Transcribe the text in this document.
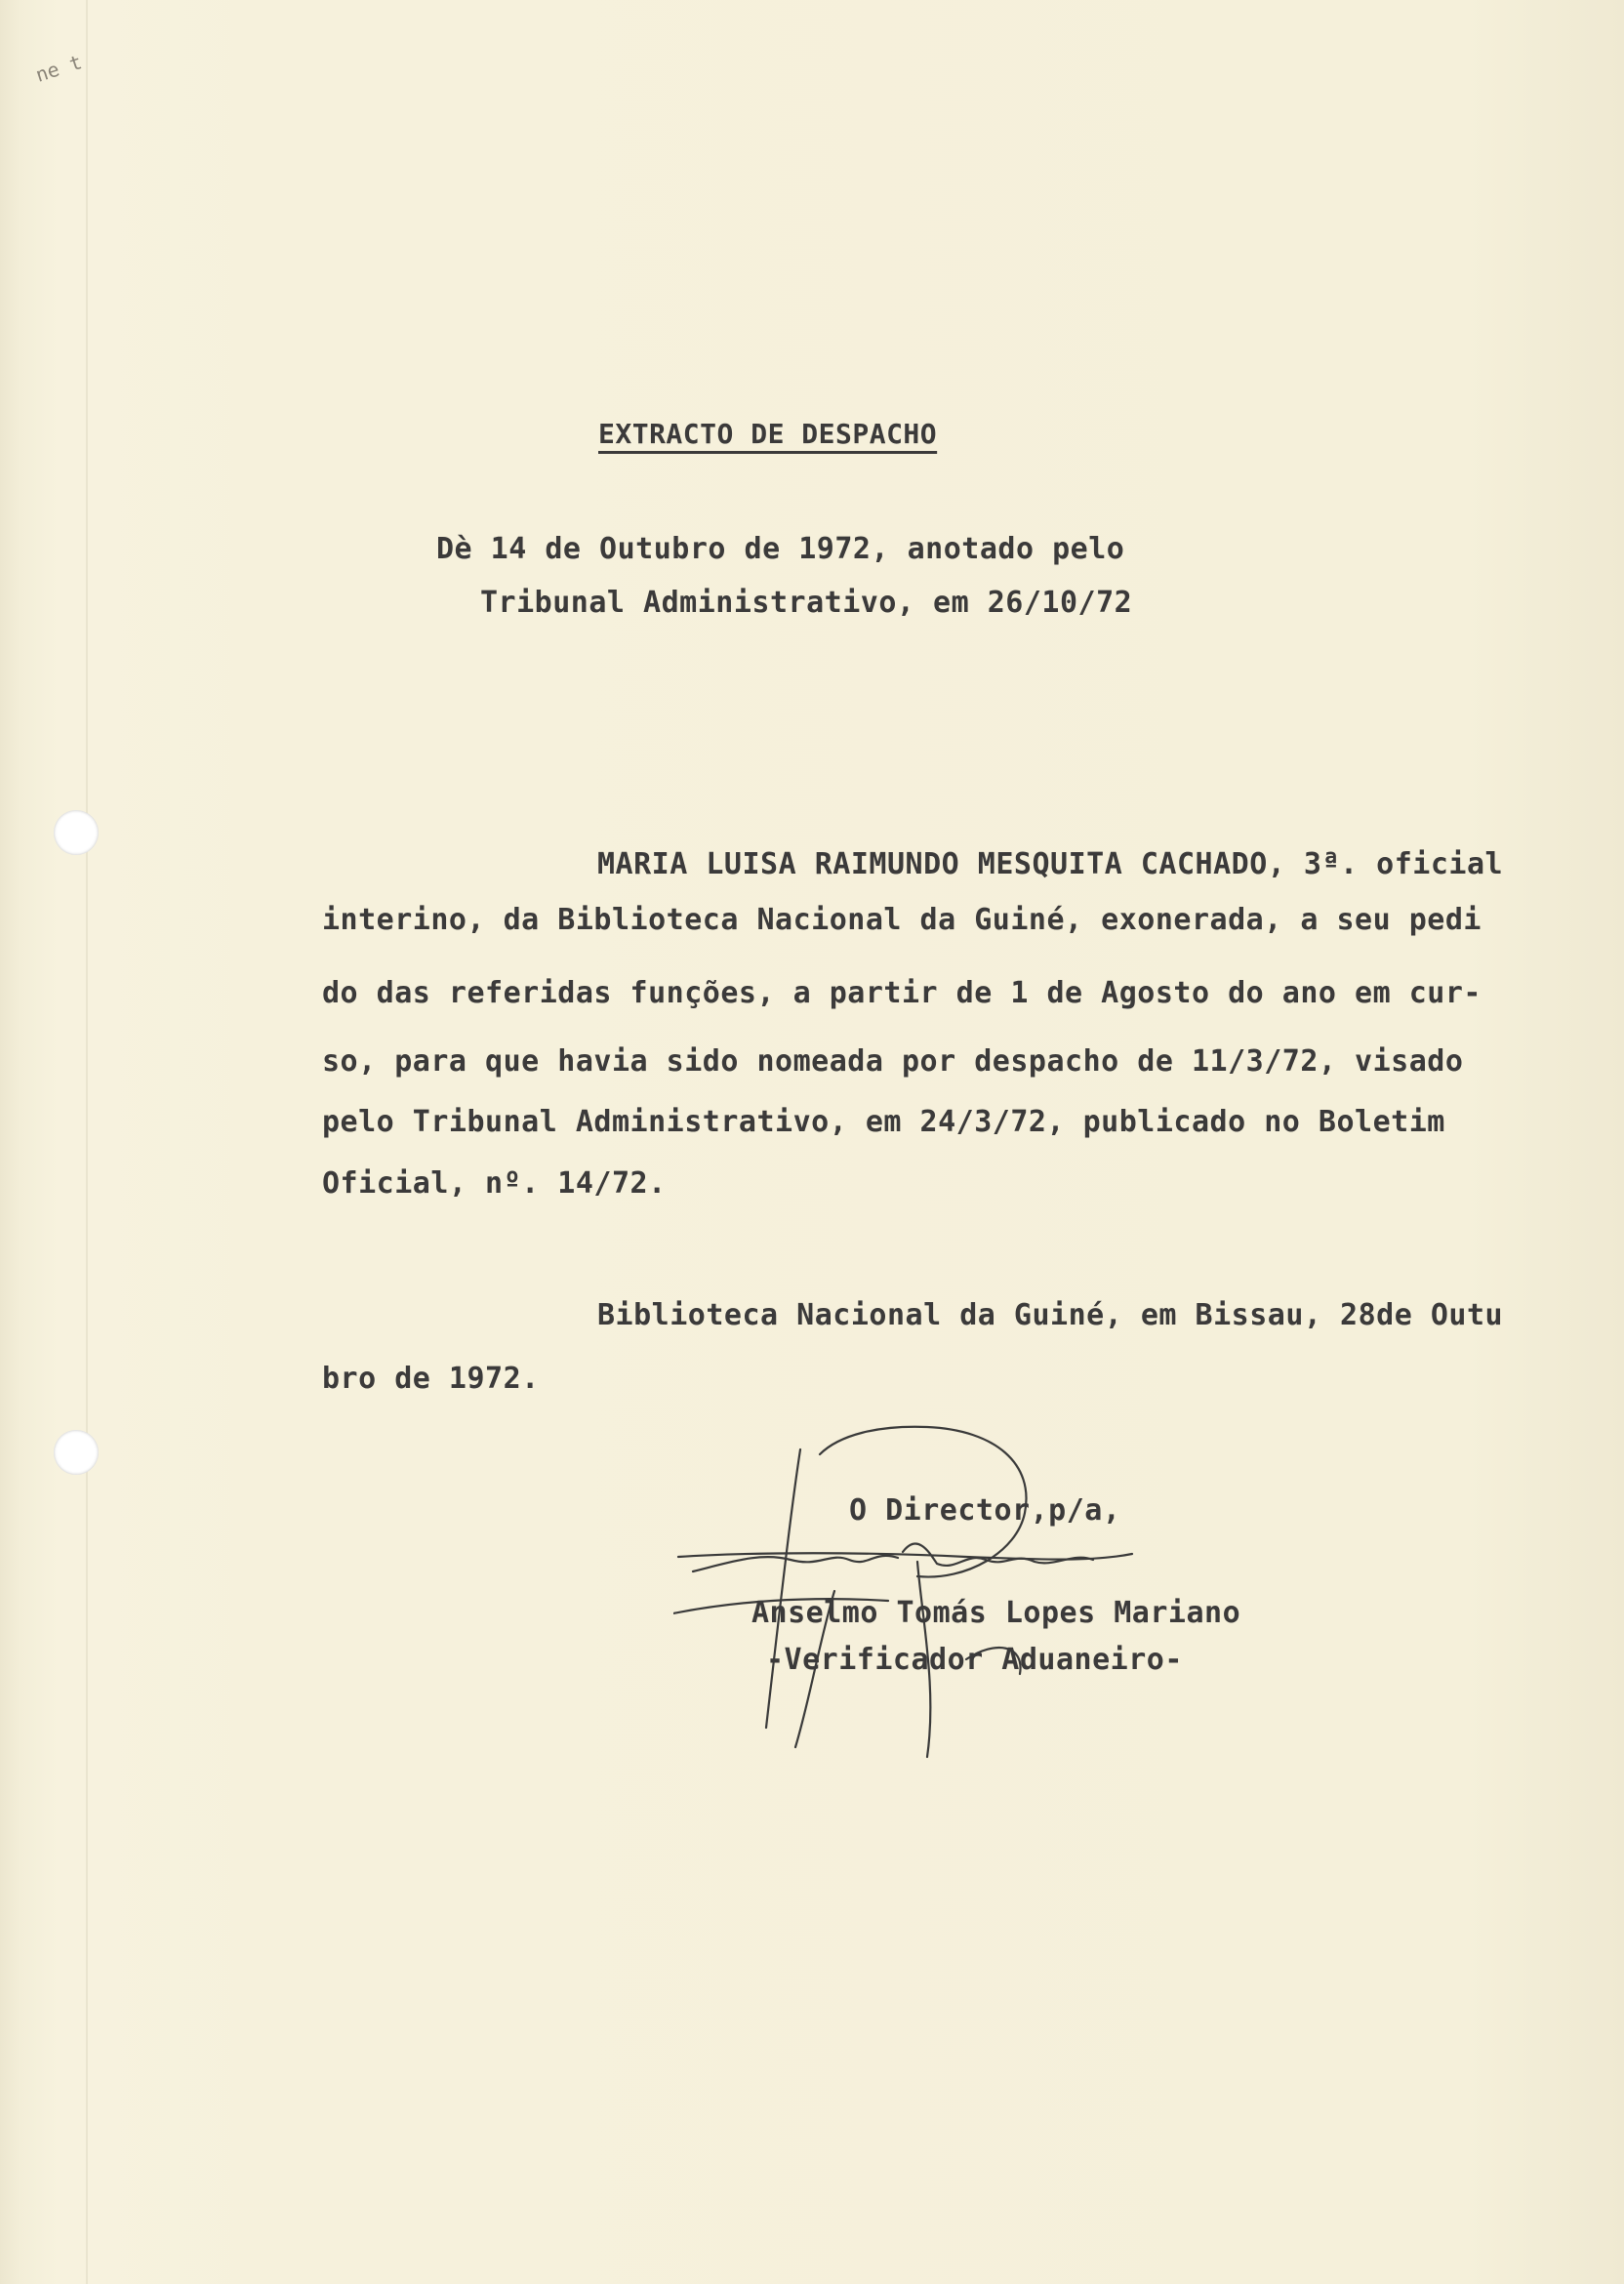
ne t
EXTRACTO DE DESPACHO
Dè 14 de Outubro de 1972, anotado pelo
Tribunal Administrativo, em 26/10/72
MARIA LUISA RAIMUNDO MESQUITA CACHADO, 3ª. oficial
interino, da Biblioteca Nacional da Guiné, exonerada, a seu pedi
do das referidas funções, a partir de 1 de Agosto do ano em cur-
so, para que havia sido nomeada por despacho de 11/3/72, visado
pelo Tribunal Administrativo, em 24/3/72, publicado no Boletim
Oficial, nº. 14/72.
Biblioteca Nacional da Guiné, em Bissau, 28de Outu
bro de 1972.
O Director,p/a,
Anselmo Tomás Lopes Mariano
-Verificador Aduaneiro-
